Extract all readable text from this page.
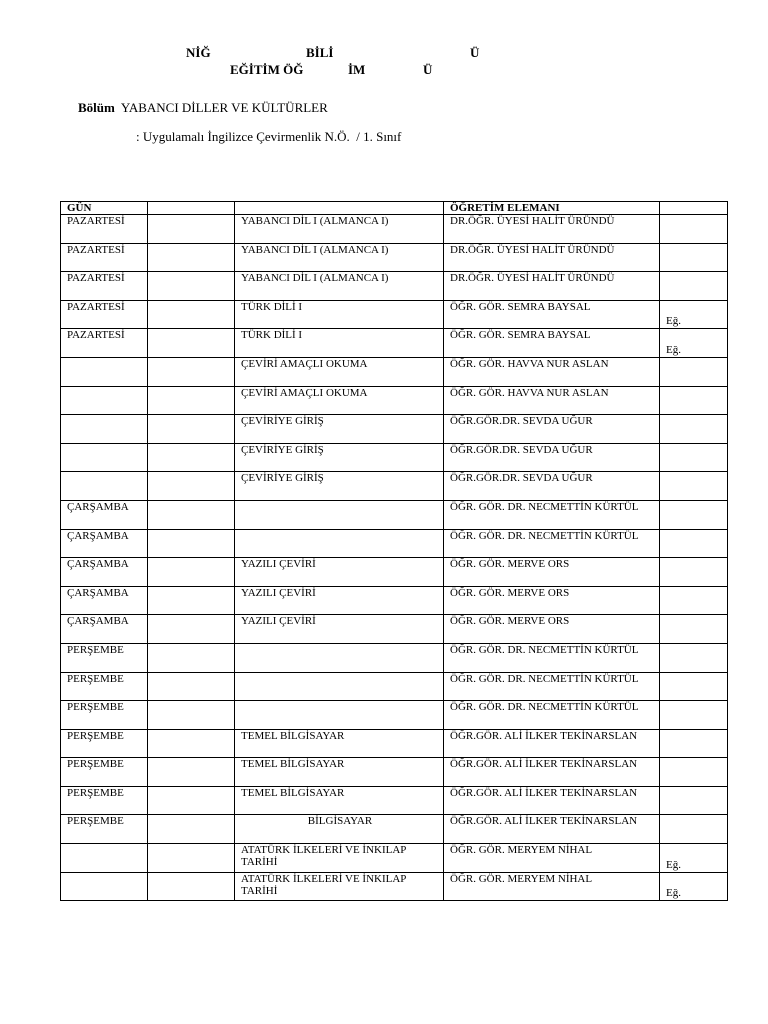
NİĞ	BİLİ	Ü
EĞİTİM ÖĞ	İM	Ü
Bölüm YABANCI DİLLER VE KÜLTÜRLER
: Uygulamalı İngilizce Çevirmenlik N.Ö.  / 1. Sınıf
GÜN			ÖĞRETİM ELEMANI	
PAZARTESİ		YABANCI DİL I (ALMANCA I)	DR.ÖĞR. ÜYESİ HALİT ÜRÜNDÜ	

PAZARTESİ		YABANCI DİL I (ALMANCA I)	DR.ÖĞR. ÜYESİ HALİT ÜRÜNDÜ	

PAZARTESİ		YABANCI DİL I (ALMANCA I)	DR.ÖĞR. ÜYESİ HALİT ÜRÜNDÜ	

PAZARTESİ		TÜRK DİLİ I	ÖĞR. GÖR. SEMRA BAYSAL	Eğ.

PAZARTESİ		TÜRK DİLİ I	ÖĞR. GÖR. SEMRA BAYSAL	Eğ.

		ÇEVİRİ AMAÇLI OKUMA	ÖĞR. GÖR. HAVVA NUR ASLAN	

		ÇEVİRİ AMAÇLI OKUMA	ÖĞR. GÖR. HAVVA NUR ASLAN	

		ÇEVİRİYE GİRİŞ	ÖĞR.GÖR.DR. SEVDA UĞUR	

		ÇEVİRİYE GİRİŞ	ÖĞR.GÖR.DR. SEVDA UĞUR	

		ÇEVİRİYE GİRİŞ	ÖĞR.GÖR.DR. SEVDA UĞUR	

ÇARŞAMBA			ÖĞR. GÖR. DR. NECMETTİN KÜRTÜL	

ÇARŞAMBA			ÖĞR. GÖR. DR. NECMETTİN KÜRTÜL	

ÇARŞAMBA		YAZILI ÇEVİRİ	ÖĞR. GÖR. MERVE ORS	

ÇARŞAMBA		YAZILI ÇEVİRİ	ÖĞR. GÖR. MERVE ORS	

ÇARŞAMBA		YAZILI ÇEVİRİ	ÖĞR. GÖR. MERVE ORS	

PERŞEMBE			ÖĞR. GÖR. DR. NECMETTİN KÜRTÜL	

PERŞEMBE			ÖĞR. GÖR. DR. NECMETTİN KÜRTÜL	

PERŞEMBE			ÖĞR. GÖR. DR. NECMETTİN KÜRTÜL	

PERŞEMBE		TEMEL BİLGİSAYAR	ÖĞR.GÖR. ALİ İLKER TEKİNARSLAN	

PERŞEMBE		TEMEL BİLGİSAYAR	ÖĞR.GÖR. ALİ İLKER TEKİNARSLAN	

PERŞEMBE		TEMEL BİLGİSAYAR	ÖĞR.GÖR. ALİ İLKER TEKİNARSLAN	

PERŞEMBE		BİLGİSAYAR	ÖĞR.GÖR. ALİ İLKER TEKİNARSLAN	

		ATATÜRK İLKELERİ VE İNKILAP TARİHİ	ÖĞR. GÖR. MERYEM NİHAL	Eğ.

		ATATÜRK İLKELERİ VE İNKILAP TARİHİ	ÖĞR. GÖR. MERYEM NİHAL	Eğ.
